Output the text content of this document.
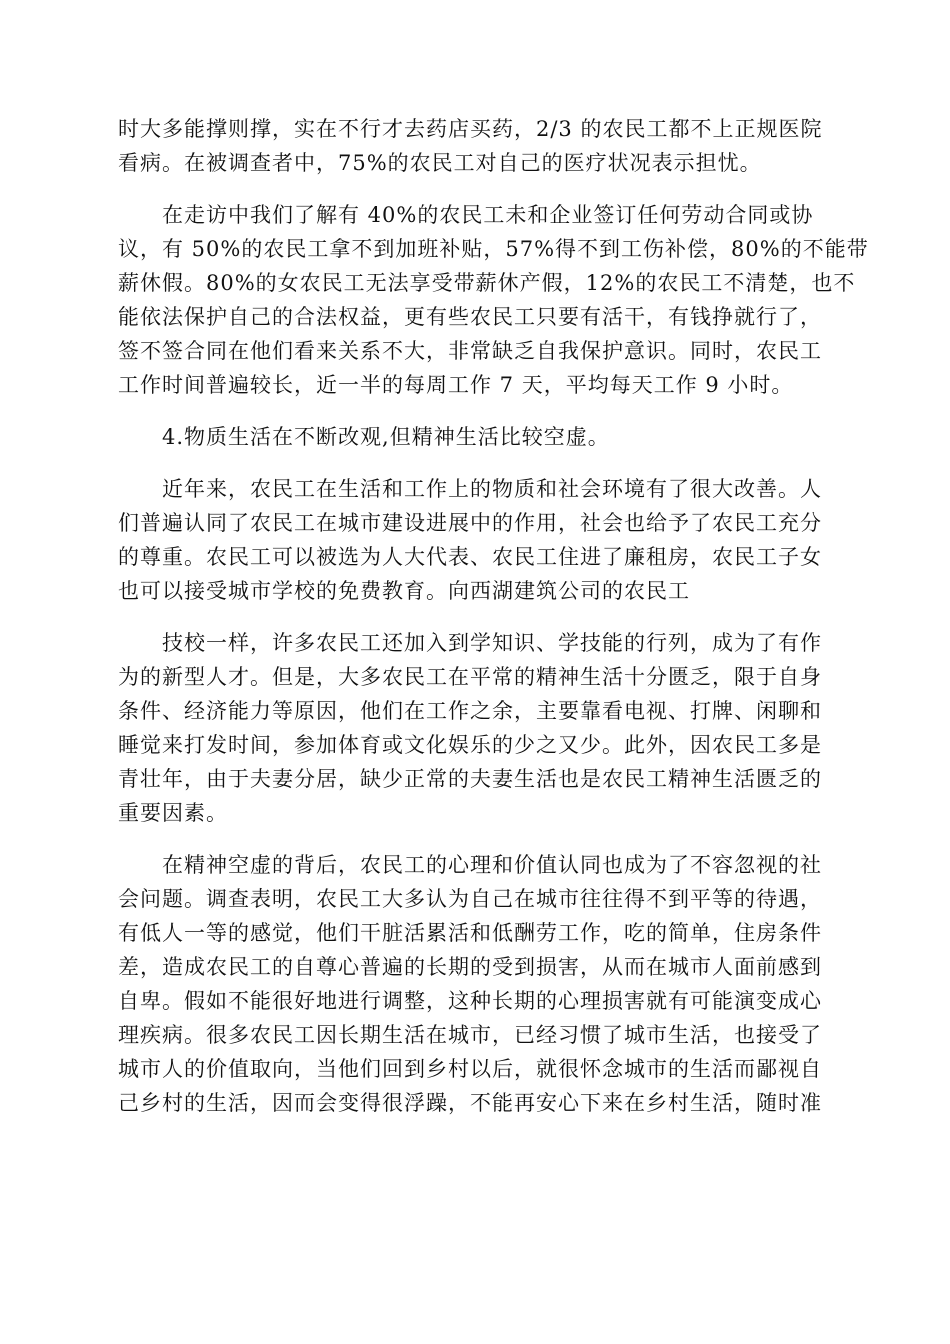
时大多能撑则撑，实在不行才去药店买药，2/3 的农民工都不上正规医院
看病。在被调查者中，75%的农民工对自己的医疗状况表示担忧。
在走访中我们了解有 40%的农民工未和企业签订任何劳动合同或协
议，有 50%的农民工拿不到加班补贴，57%得不到工伤补偿，80%的不能带
薪休假。80%的女农民工无法享受带薪休产假，12%的农民工不清楚，也不
能依法保护自己的合法权益，更有些农民工只要有活干，有钱挣就行了，
签不签合同在他们看来关系不大，非常缺乏自我保护意识。同时，农民工
工作时间普遍较长，近一半的每周工作 7 天，平均每天工作 9 小时。
4.物质生活在不断改观,但精神生活比较空虚。
近年来，农民工在生活和工作上的物质和社会环境有了很大改善。人
们普遍认同了农民工在城市建设进展中的作用，社会也给予了农民工充分
的尊重。农民工可以被选为人大代表、农民工住进了廉租房，农民工子女
也可以接受城市学校的免费教育。向西湖建筑公司的农民工
技校一样，许多农民工还加入到学知识、学技能的行列，成为了有作
为的新型人才。但是，大多农民工在平常的精神生活十分匮乏，限于自身
条件、经济能力等原因，他们在工作之余，主要靠看电视、打牌、闲聊和
睡觉来打发时间，参加体育或文化娱乐的少之又少。此外，因农民工多是
青壮年，由于夫妻分居，缺少正常的夫妻生活也是农民工精神生活匮乏的
重要因素。
在精神空虚的背后，农民工的心理和价值认同也成为了不容忽视的社
会问题。调查表明，农民工大多认为自己在城市往往得不到平等的待遇，
有低人一等的感觉，他们干脏活累活和低酬劳工作，吃的简单，住房条件
差，造成农民工的自尊心普遍的长期的受到损害，从而在城市人面前感到
自卑。假如不能很好地进行调整，这种长期的心理损害就有可能演变成心
理疾病。很多农民工因长期生活在城市，已经习惯了城市生活，也接受了
城市人的价值取向，当他们回到乡村以后，就很怀念城市的生活而鄙视自
己乡村的生活，因而会变得很浮躁，不能再安心下来在乡村生活，随时准
